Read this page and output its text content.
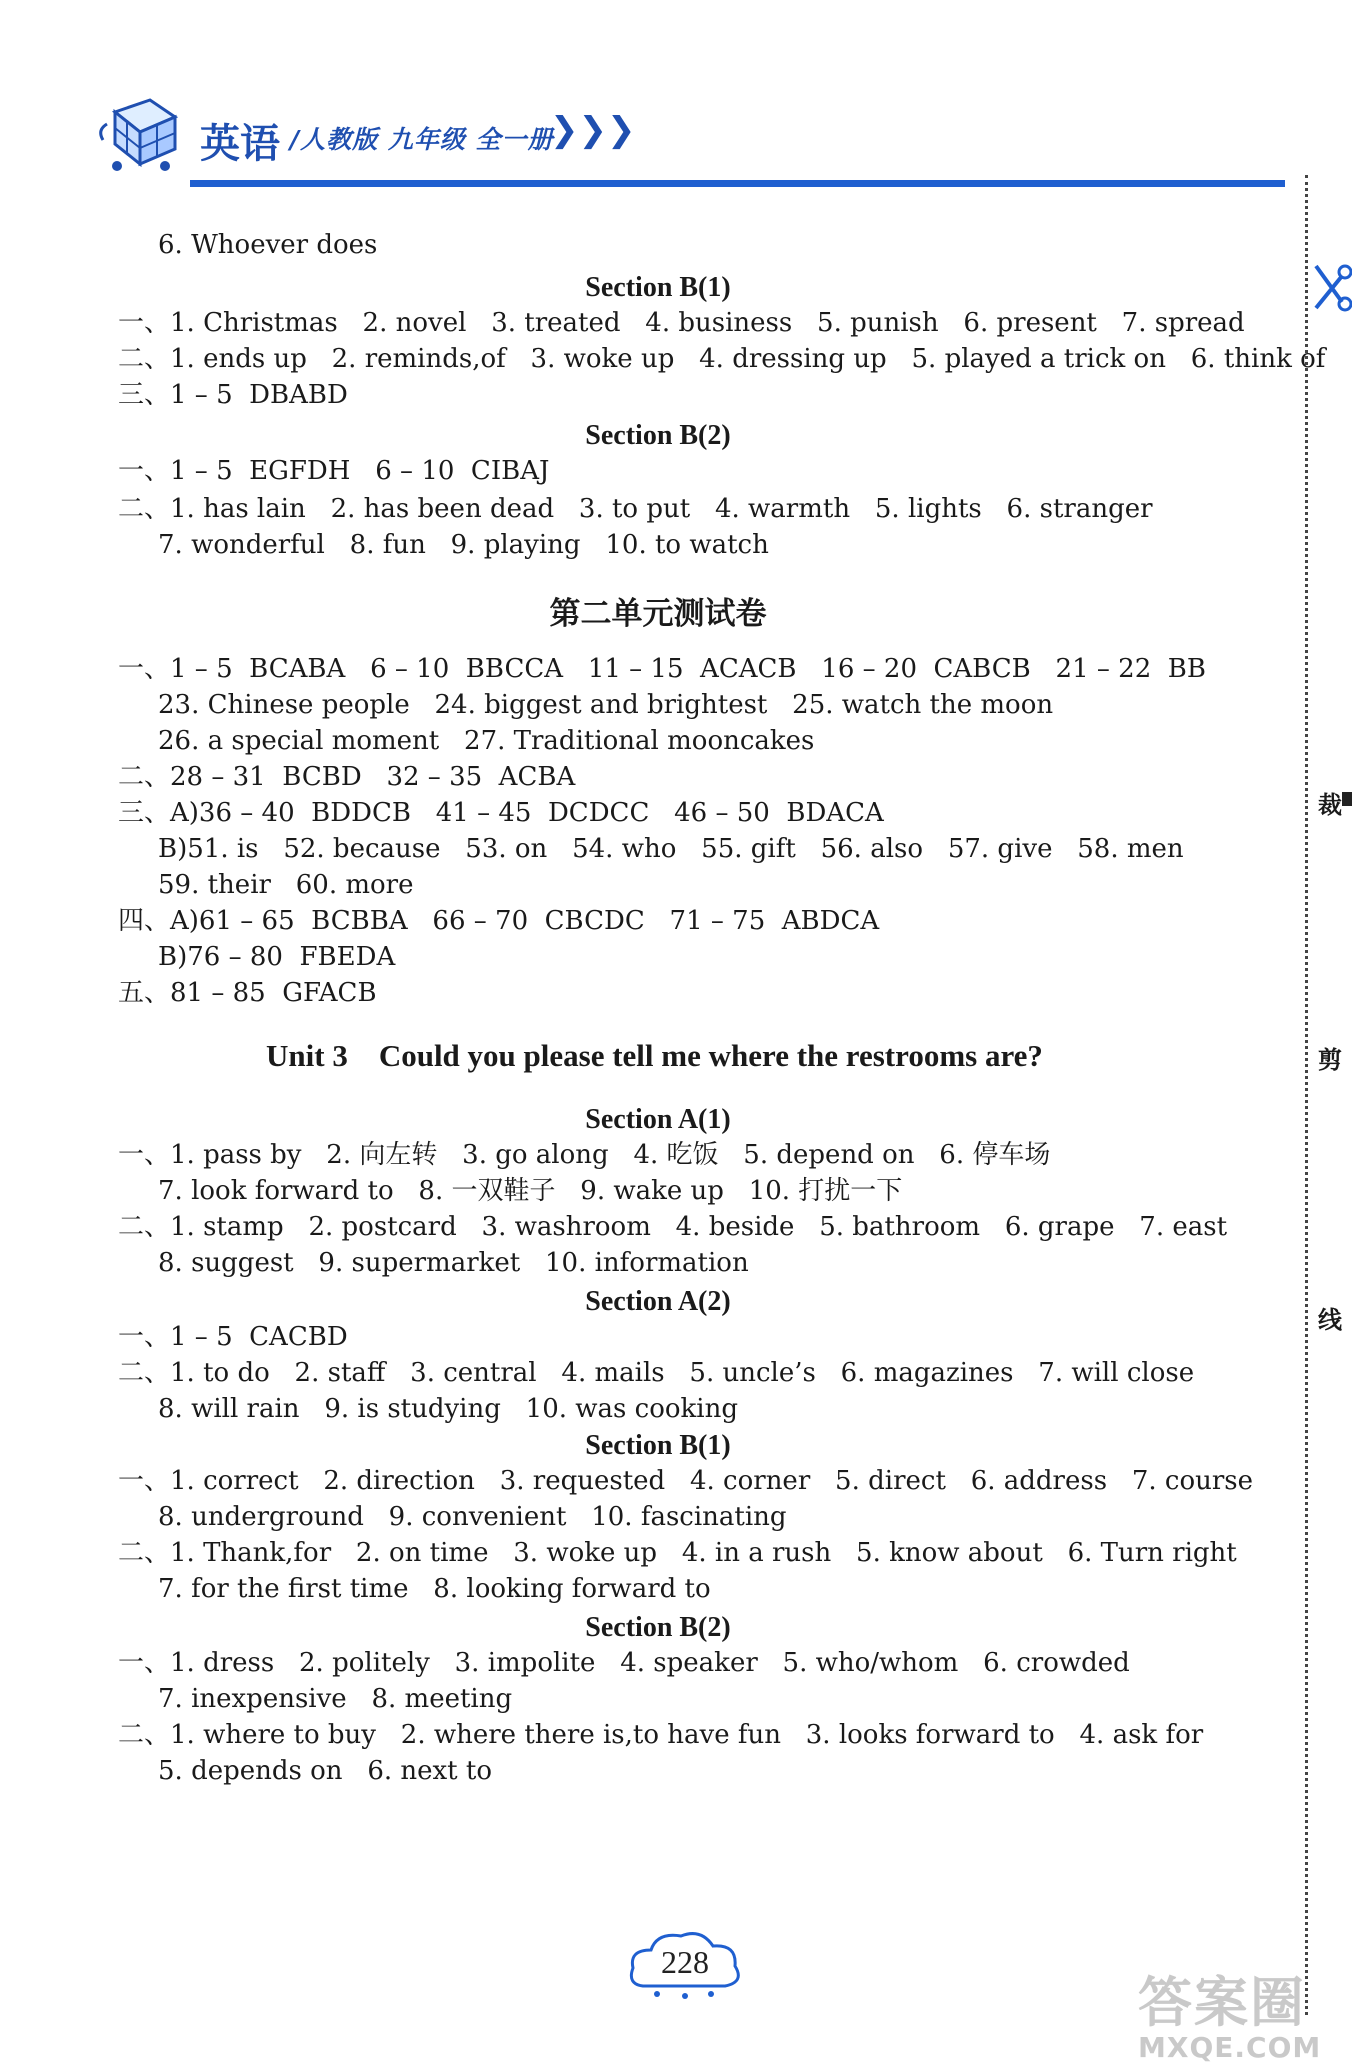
英语 /人教版 九年级 全一册
❯❯❯
裁
剪
线
6. Whoever does
Section B(1)
一、1. Christmas   2. novel   3. treated   4. business   5. punish   6. present   7. spread
二、1. ends up   2. reminds,of   3. woke up   4. dressing up   5. played a trick on   6. think of
三、1 – 5  DBABD
Section B(2)
一、1 – 5  EGFDH   6 – 10  CIBAJ
二、1. has lain   2. has been dead   3. to put   4. warmth   5. lights   6. stranger
7. wonderful   8. fun   9. playing   10. to watch
第二单元测试卷
一、1 – 5  BCABA   6 – 10  BBCCA   11 – 15  ACACB   16 – 20  CABCB   21 – 22  BB
23. Chinese people   24. biggest and brightest   25. watch the moon
26. a special moment   27. Traditional mooncakes
二、28 – 31  BCBD   32 – 35  ACBA
三、A)36 – 40  BDDCB   41 – 45  DCDCC   46 – 50  BDACA
B)51. is   52. because   53. on   54. who   55. gift   56. also   57. give   58. men
59. their   60. more
四、A)61 – 65  BCBBA   66 – 70  CBCDC   71 – 75  ABDCA
B)76 – 80  FBEDA
五、81 – 85  GFACB
Unit 3    Could you please tell me where the restrooms are?
Section A(1)
一、1. pass by   2. 向左转   3. go along   4. 吃饭   5. depend on   6. 停车场
7. look forward to   8. 一双鞋子   9. wake up   10. 打扰一下
二、1. stamp   2. postcard   3. washroom   4. beside   5. bathroom   6. grape   7. east
8. suggest   9. supermarket   10. information
Section A(2)
一、1 – 5  CACBD
二、1. to do   2. staff   3. central   4. mails   5. uncle’s   6. magazines   7. will close
8. will rain   9. is studying   10. was cooking
Section B(1)
一、1. correct   2. direction   3. requested   4. corner   5. direct   6. address   7. course
8. underground   9. convenient   10. fascinating
二、1. Thank,for   2. on time   3. woke up   4. in a rush   5. know about   6. Turn right
7. for the first time   8. looking forward to
Section B(2)
一、1. dress   2. politely   3. impolite   4. speaker   5. who/whom   6. crowded
7. inexpensive   8. meeting
二、1. where to buy   2. where there is,to have fun   3. looks forward to   4. ask for
5. depends on   6. next to
228
答案圈
MXQE.COM
